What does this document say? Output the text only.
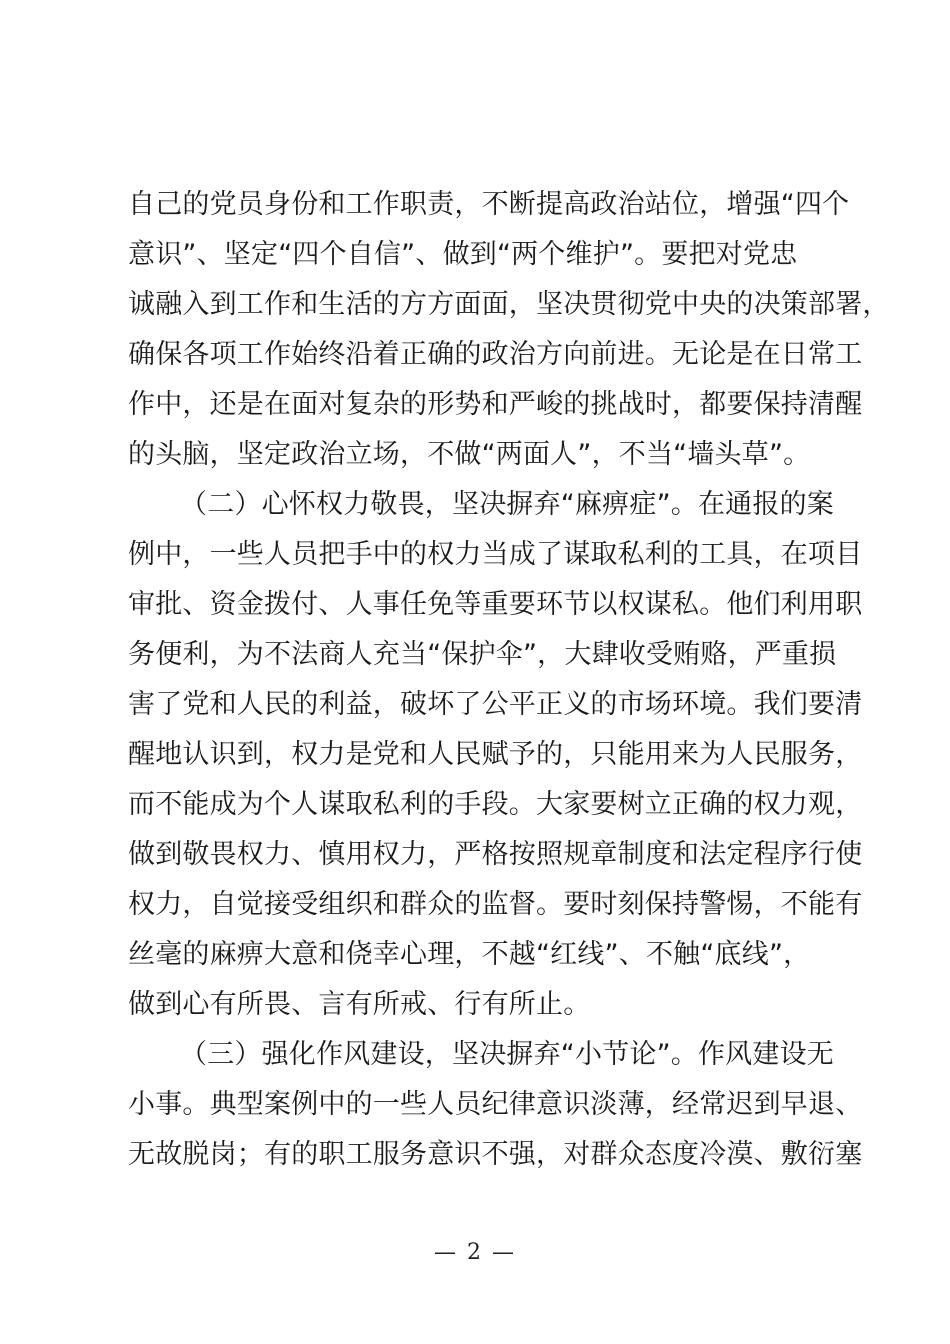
自己的党员身份和工作职责，不断提高政治站位，增强“四个
意识”、坚定“四个自信”、做到“两个维护”。要把对党忠
诚融入到工作和生活的方方面面，坚决贯彻党中央的决策部署，
确保各项工作始终沿着正确的政治方向前进。无论是在日常工
作中，还是在面对复杂的形势和严峻的挑战时，都要保持清醒
的头脑，坚定政治立场，不做“两面人”，不当“墙头草”。
（二）心怀权力敬畏，坚决摒弃“麻痹症”。在通报的案
例中，一些人员把手中的权力当成了谋取私利的工具，在项目
审批、资金拨付、人事任免等重要环节以权谋私。他们利用职
务便利，为不法商人充当“保护伞”，大肆收受贿赂，严重损
害了党和人民的利益，破坏了公平正义的市场环境。我们要清
醒地认识到，权力是党和人民赋予的，只能用来为人民服务，
而不能成为个人谋取私利的手段。大家要树立正确的权力观，
做到敬畏权力、慎用权力，严格按照规章制度和法定程序行使
权力，自觉接受组织和群众的监督。要时刻保持警惕，不能有
丝毫的麻痹大意和侥幸心理，不越“红线”、不触“底线”，
做到心有所畏、言有所戒、行有所止。
（三）强化作风建设，坚决摒弃“小节论”。作风建设无
小事。典型案例中的一些人员纪律意识淡薄，经常迟到早退、
无故脱岗；有的职工服务意识不强，对群众态度冷漠、敷衍塞
— 2 —
